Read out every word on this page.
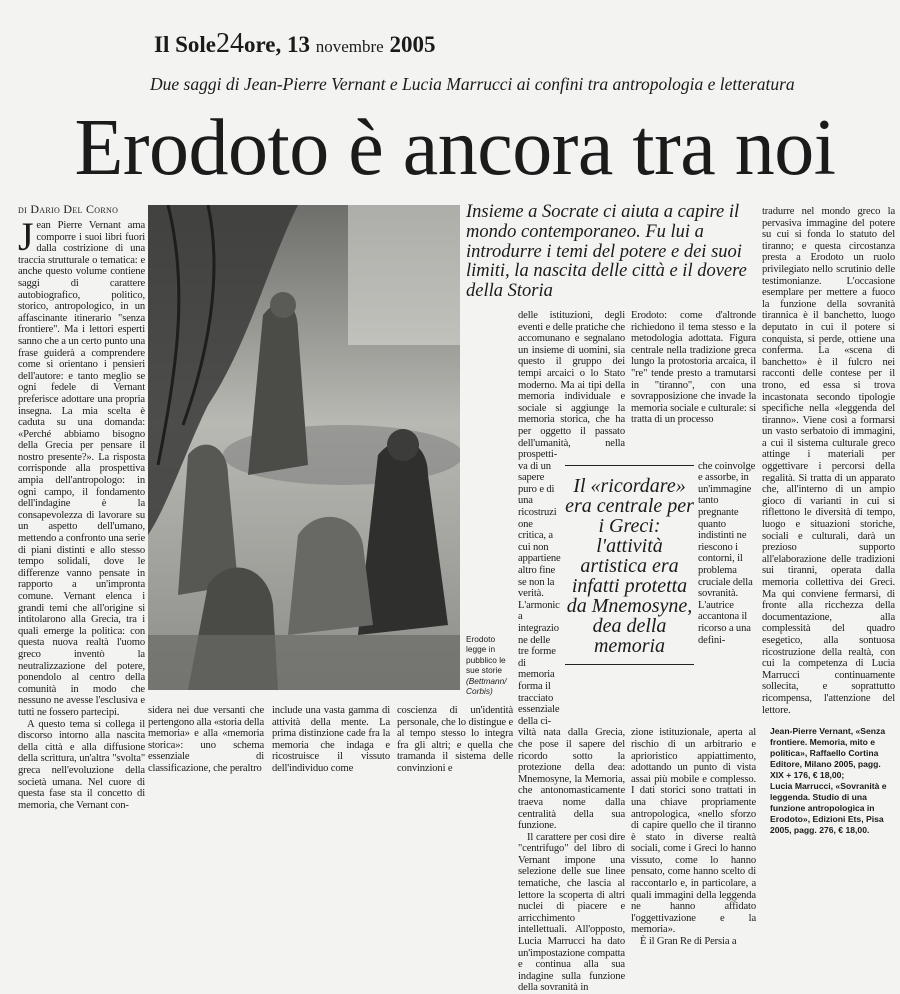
Il Sole24ore, 13 novembre 2005
Due saggi di Jean-Pierre Vernant e Lucia Marrucci ai confini tra antropologia e letteratura
Erodoto è ancora tra noi
di Dario Del Corno

Jean Pierre Vernant ama comporre i suoi libri fuori dalla costrizione di una traccia strutturale o tematica: e anche questo volume contiene saggi di carattere autobiografico, politico, storico, antropologico, in un affascinante itinerario "senza frontiere". Ma i lettori esperti sanno che a un certo punto una frase guiderà a comprendere come si orientano i pensieri dell'autore: e tanto meglio se ogni fedele di Vernant preferisce adottare una propria insegna. La mia scelta è caduta su una domanda: «Perché abbiamo bisogno della Grecia per pensare il nostro presente?». La risposta corrisponde alla prospettiva ampia dell'antropologo: in ogni campo, il fondamento dell'indagine è la consapevolezza di lavorare su un aspetto dell'umano, mettendo a confronto una serie di piani distinti e allo stesso tempo solidali, dove le differenze vanno pensate in rapporto a un'impronta comune. Vernant elenca i grandi temi che all'origine si intitolarono alla Grecia, tra i quali emerge la politica: con questa nuova realtà l'uomo greco inventò la neutralizzazione del potere, ponendolo al centro della comunità in modo che nessuno ne avesse l'esclusiva e tutti ne fossero partecipi.

A questo tema si collega il discorso intorno alla nascita della città e alla diffusione della scrittura, un'altra "svolta" greca nell'evoluzione della società umana. Nel cuore di questa fase sta il concetto di memoria, che Vernant con-

Erodoto legge in pubblico le sue storie
(Bettmann/ Corbis)
sidera nei due versanti che pertengono alla «storia della memoria» e alla «memoria storica»: uno schema essenziale di classificazione, che peraltro
include una vasta gamma di attività della mente. La prima distinzione cade fra la memoria che indaga e ricostruisce il vissuto dell'individuo come
coscienza di un'identità personale, che lo distingue e al tempo stesso lo integra fra gli altri; e quella che tramanda il sistema delle convinzioni e
Insieme a Socrate ci aiuta a capire il mondo contemporaneo. Fu lui a introdurre i temi del potere e dei suoi limiti, la nascita delle città e il dovere della Storia
delle istituzioni, degli eventi e delle pratiche che accomunano e segnalano un insieme di uomini, sia questo il gruppo dei tempi arcaici o lo Stato moderno. Ma ai tipi della memoria individuale e sociale si aggiunge la memoria storica, che ha per oggetto il passato dell'umanità, nella prospetti-
Erodoto: come d'altronde richiedono il tema stesso e la metodologia adottata. Figura centrale nella tradizione greca lungo la protostoria arcaica, il "re" tende presto a tramutarsi in "tiranno", con una sovrapposizione che invade la memoria sociale e culturale: si tratta di un processo
va di un sapere puro e di una ricostruzione critica, a cui non appartiene altro fine se non la verità. L'armonica integrazione delle tre forme di memoria forma il tracciato essenziale della ci-
Il «ricordare» era centrale per i Greci: l'attività artistica era infatti protetta da Mnemosyne, dea della memoria
che coinvolge e assorbe, in un'immagine tanto pregnante quanto indistinti ne riescono i contorni, il problema cruciale della sovranità. L'autrice accantona il ricorso a una defini-

viltà nata dalla Grecia, che pose il sapere del ricordo sotto la protezione della dea: Mnemosyne, la Memoria, che antonomasticamente traeva nome dalla centralità della sua funzione.

Il carattere per così dire "centrifugo" del libro di Vernant impone una selezione delle sue linee tematiche, che lascia al lettore la scoperta di altri nuclei di piacere e arricchimento intellettuali. All'opposto, Lucia Marrucci ha dato un'impostazione compatta e continua alla sua indagine sulla funzione della sovranità in

zione istituzionale, aperta al rischio di un arbitrario e aprioristico appiattimento, adottando un punto di vista assai più mobile e complesso. I dati storici sono trattati in una chiave propriamente antropologica, «nello sforzo di capire quello che il tiranno è stato in diverse realtà sociali, come i Greci lo hanno vissuto, come lo hanno pensato, come hanno scelto di raccontarlo e, in particolare, a quali immagini della leggenda ne hanno affidato l'oggettivazione e la memoria».

È il Gran Re di Persia a

tradurre nel mondo greco la pervasiva immagine del potere su cui si fonda lo statuto del tiranno; e questa circostanza presta a Erodoto un ruolo privilegiato nello scrutinio delle testimonianze. L'occasione esemplare per mettere a fuoco la funzione della sovranità tirannica è il banchetto, luogo deputato in cui il potere si conquista, si perde, ottiene una conferma. La «scena di banchetto» è il fulcro nei racconti delle contese per il trono, ed essa si trova incastonata secondo tipologie specifiche nella «leggenda del tiranno». Viene così a formarsi un vasto serbatoio di immagini, a cui il sistema culturale greco attinge i materiali per oggettivare i percorsi della regalità. Si tratta di un apparato che, all'interno di un ampio gioco di varianti in cui si riflettono le diversità di tempo, luogo e situazioni storiche, sociali e culturali, darà un prezioso supporto all'elaborazione delle tradizioni sui tiranni, operata dalla memoria collettiva dei Greci. Ma qui conviene fermarsi, di fronte alla ricchezza della documentazione, alla complessità del quadro esegetico, alla sontuosa ricostruzione della realtà, con cui la competenza di Lucia Marrucci continuamente sollecita, e soprattutto ricompensa, l'attenzione del lettore.

Jean-Pierre Vernant, «Senza frontiere. Memoria, mito e politica», Raffaello Cortina Editore, Milano 2005, pagg. XIX + 176, € 18,00;

Lucia Marrucci, «Sovranità e leggenda. Studio di una funzione antropologica in Erodoto», Edizioni Ets, Pisa 2005, pagg. 276, € 18,00.
